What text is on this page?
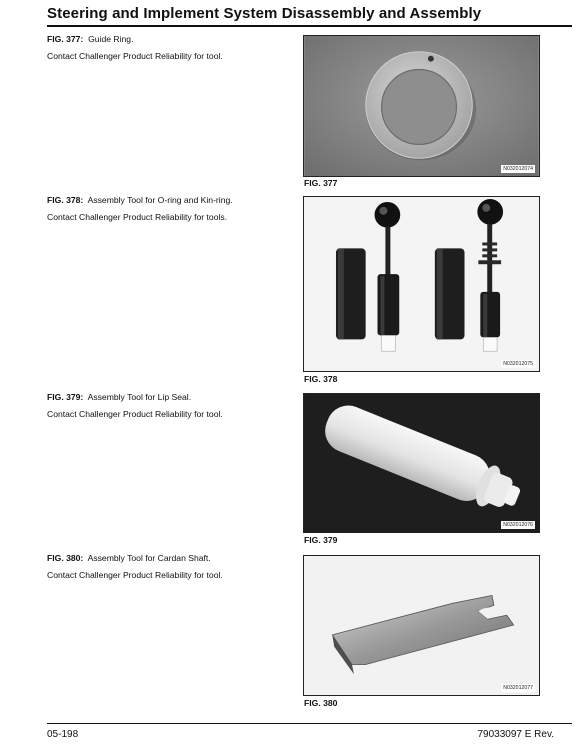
Steering and Implement System Disassembly and Assembly
FIG. 377: Guide Ring.
Contact Challenger Product Reliability for tool.
N032012074
FIG. 377
FIG. 378: Assembly Tool for O-ring and Kin-ring.
Contact Challenger Product Reliability for tools.
N032012075
FIG. 378
FIG. 379: Assembly Tool for Lip Seal.
Contact Challenger Product Reliability for tool.
N032012076
FIG. 379
FIG. 380: Assembly Tool for Cardan Shaft.
Contact Challenger Product Reliability for tool.
N032012077
FIG. 380
05-198	79033097 E Rev.
